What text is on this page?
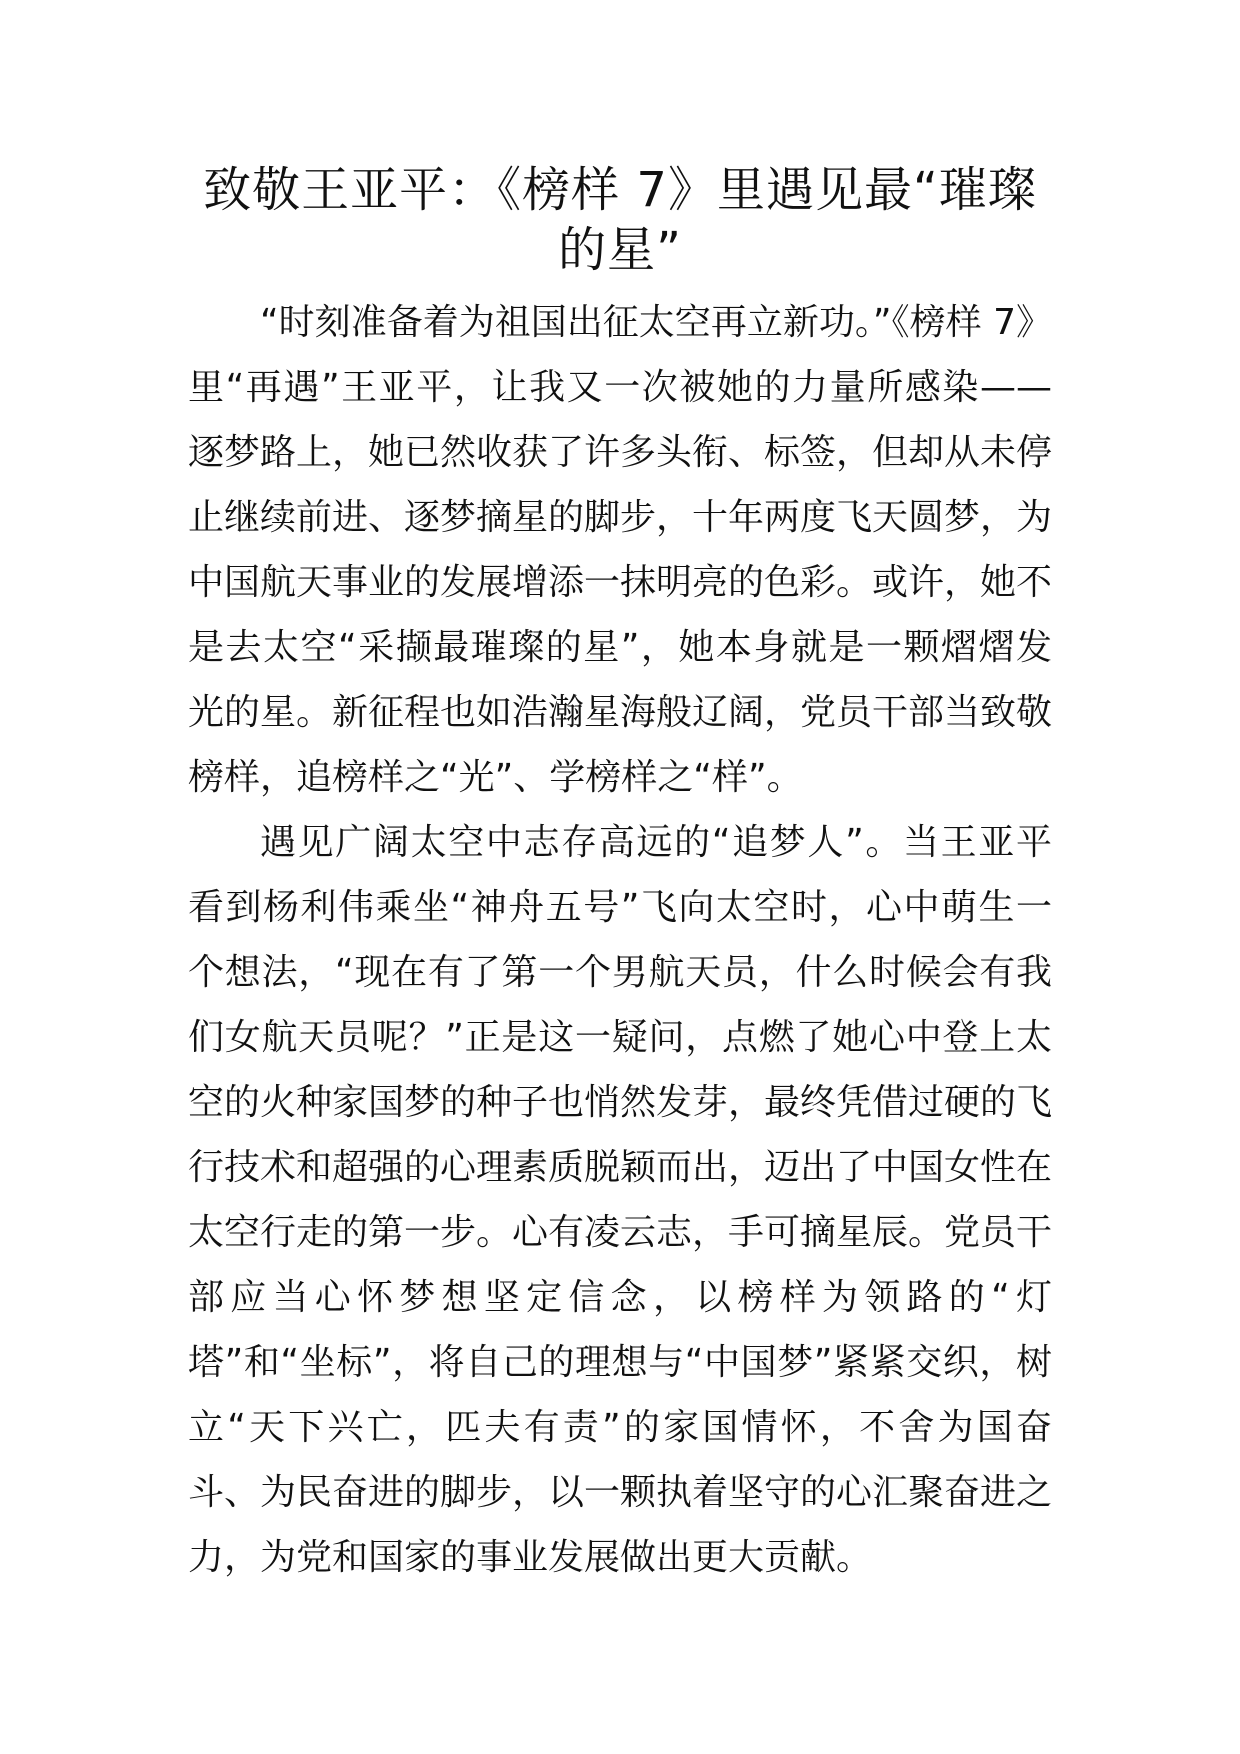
致敬王亚平：《榜样 7》里遇见最“璀璨的星”

“时刻准备着为祖国出征太空再立新功。”《榜样 7》里“再遇”王亚平，让我又一次被她的力量所感染——逐梦路上，她已然收获了许多头衔、标签，但却从未停止继续前进、逐梦摘星的脚步，十年两度飞天圆梦，为中国航天事业的发展增添一抹明亮的色彩。或许，她不是去太空“采撷最璀璨的星”，她本身就是一颗熠熠发光的星。新征程也如浩瀚星海般辽阔，党员干部当致敬榜样，追榜样之“光”、学榜样之“样”。

遇见广阔太空中志存高远的“追梦人”。当王亚平看到杨利伟乘坐“神舟五号”飞向太空时，心中萌生一个想法，“现在有了第一个男航天员，什么时候会有我们女航天员呢？”正是这一疑问，点燃了她心中登上太空的火种家国梦的种子也悄然发芽，最终凭借过硬的飞行技术和超强的心理素质脱颖而出，迈出了中国女性在太空行走的第一步。心有凌云志，手可摘星辰。党员干部应当心怀梦想坚定信念，以榜样为领路的“灯塔”和“坐标”，将自己的理想与“中国梦”紧紧交织，树立“天下兴亡，匹夫有责”的家国情怀，不舍为国奋斗、为民奋进的脚步，以一颗执着坚守的心汇聚奋进之力，为党和国家的事业发展做出更大贡献。
